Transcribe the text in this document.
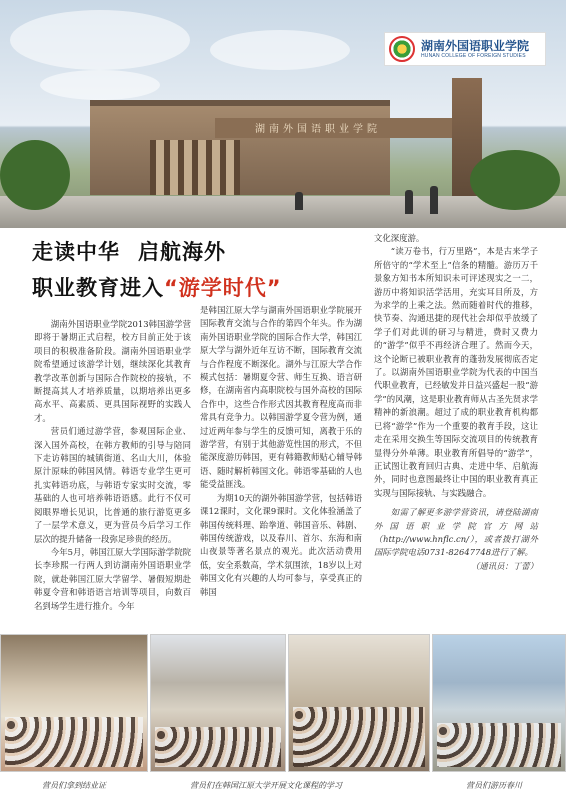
湖南外国语职业学院
湖南外国语职业学院
HUNAN COLLEGE OF FOREIGN STUDIES
走读中华 启航海外
职业教育进入“游学时代”

湖南外国语职业学院2013韩国游学营即将于暑期正式启程，校方目前正处于该项目的积极准备阶段。湖南外国语职业学院希望通过该游学计划，继续深化其教育教学改革创新与国际合作院校的接轨，不断提高其人才培养质量，以期培养出更多高水平、高素质、更具国际视野的实践人才。

营员们通过游学营，参观国际企业、深入国外高校，在韩方教师的引导与陪同下走访韩国的城镇街道、名山大川，体验原汁原味的韩国风情。韩语专业学生更可扎实韩语功底，与韩语专家实时交流，零基础的人也可培养韩语语感。此行不仅可阅眼界增长见识，比普通的旅行游览更多了一层学术意义，更为营员今后学习工作层次的提升储备一段弥足珍贵的经历。

今年5月，韩国江原大学国际游学院院长李珍熙一行两人到访湖南外国语职业学院，就赴韩国江原大学留学、暑假短期赴韩夏令营和韩语语言培训等项目，向数百名到场学生进行推介。今年

是韩国江原大学与湖南外国语职业学院展开国际教育交流与合作的第四个年头。作为湖南外国语职业学院的国际合作大学，韩国江原大学与湖外近年互访不断，国际教育交流与合作程度不断深化。湖外与江原大学合作模式包括：暑期夏令营、师生互换、语言研修，在湖南省内高职院校与国外高校的国际合作中，这些合作形式因其教育程度高而非常具有竞争力。以韩国游学夏令营为例，通过近两年参与学生的反馈可知，离教于乐的游学营，有别于其他游览性国的形式，不但能深度游历韩国，更有韩籍教师贴心辅导韩语、随时解析韩国文化。韩语零基础的人也能受益匪浅。

为期10天的湖外韩国游学营，包括韩语课12课时，文化课9课时。文化体验涵盖了韩国传统料理、跆拳道、韩国音乐、韩剧、韩国传统游戏，以及春川、首尔、东海和南山夜景等著名景点的观光。此次活动费用低，安全系数高，学术氛围浓，18岁以上对韩国文化有兴趣的人均可参与，享受真正的韩国

文化深度游。

“读万卷书，行万里路”，本是古来学子所倍守的“学术至上”信条的精髓。游历万千景象方知书本所知识未可评述现实之一二，游历中将知识活学活用，充实耳目所及，方为求学的上乘之法。然而随着时代的推移，快节奏、沟通迅捷的现代社会却似乎放缓了学子们对此训的研习与精进，费时又费力的“游学”似乎不再经济合理了。然而今天，这个论断已被职业教育的蓬勃发展彻底否定了。以湖南外国语职业学院为代表的中国当代职业教育，已经敏发并日益兴盛起一股“游学”的风潮，这是职业教育师从古圣先贤求学精神的新浪潮。超过了成的职业教育机构都已将“游学”作为一个重要的教育手段，这让走在采用交换生等国际交流项目的传统教育显得分外单薄。职业教育所倡导的“游学”，正试图让教育回归古典、走进中华、启航海外，同时也意图最终让中国的职业教育真正实现与国际接轨、与实践融合。

如需了解更多游学营资讯，请登陆湖南外国语职业学院官方网站（http://www.hnflc.cn/），或者拨打湖外国际学院电话0731-82647748进行了解。

（通讯员：丁蕾）
营员们拿到结业证	营员们在韩国江原大学开展文化课程的学习	营员们游历春川
